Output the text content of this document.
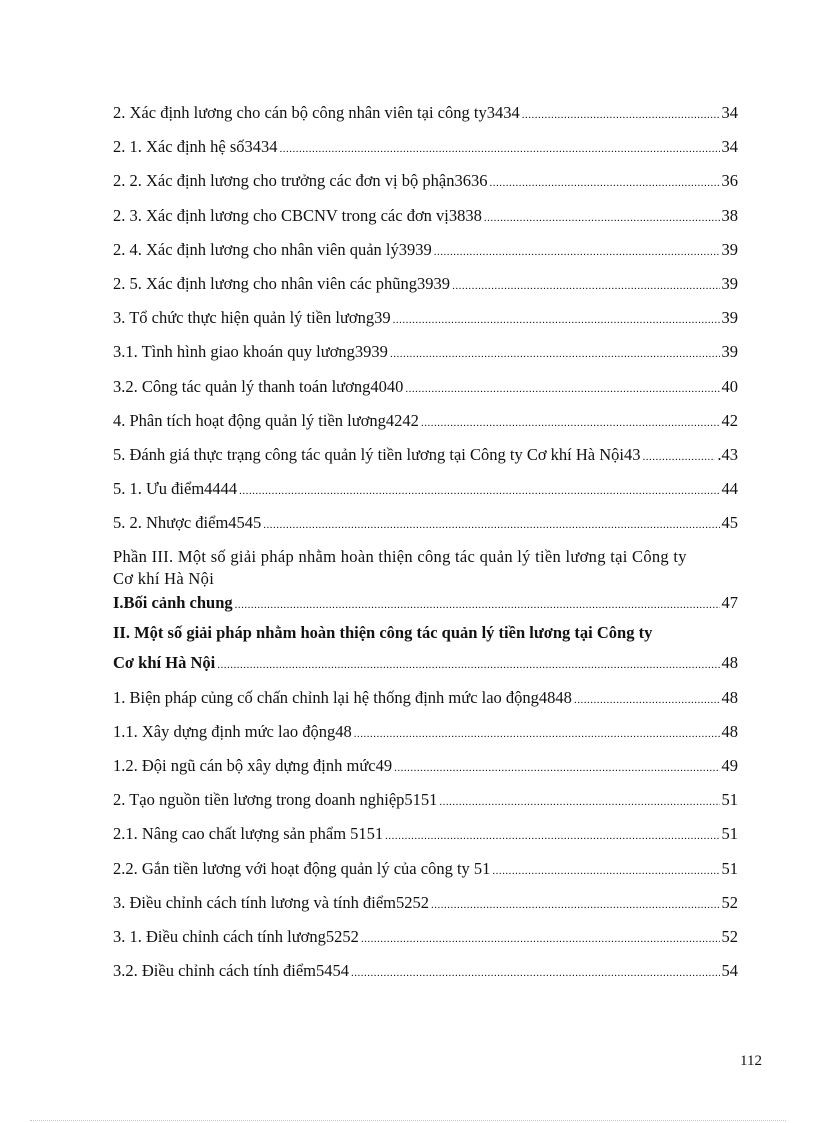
2. Xác định lương cho cán bộ công nhân viên tại công ty3434 .....	34
2. 1. Xác định hệ số3434 .....	34
2. 2. Xác định lương cho trưởng các đơn vị bộ phận3636 .....	36
2. 3. Xác định lương cho CBCNV trong các đơn vị3838 .....	38
2. 4. Xác định lương cho nhân viên quản lý3939 .....	39
2. 5. Xác định lương cho nhân viên các phũng3939 .....	39
3. Tổ chức thực hiện quản lý tiền lương39 .....	39
3.1. Tình hình giao khoán quy lương3939 .....	39
3.2. Công tác quản lý thanh toán lương4040 .....	40
4. Phân tích hoạt động quản lý tiền lương4242 .....	42
5. Đánh giá thực trạng công tác quản lý tiền lương tại Công ty Cơ khí Hà Nội43 .....	.43
5. 1. Ưu điểm4444 .....	44
5. 2. Nhược điểm4545 .....	45
Phần III. Một số giải pháp nhằm hoàn thiện công tác quản lý tiền lương tại Công ty
Cơ khí Hà Nội
I.Bối cảnh chung .....	47
II. Một số giải pháp nhằm hoàn thiện công tác quản lý tiền lương tại Công ty
Cơ khí Hà Nội .....	48
1. Biện pháp củng cố chấn chỉnh lại hệ thống định mức lao động4848 .....	48
1.1. Xây dựng định mức lao động48 .....	48
1.2. Đội ngũ cán bộ xây dựng định mức49 .....	49
2. Tạo nguồn tiền lương trong doanh nghiệp5151 .....	51
2.1. Nâng cao chất lượng sản phẩm 5151 .....	51
2.2. Gắn tiền lương với hoạt động quản lý của công ty 51 .....	51
3. Điều chỉnh cách tính lương và tính điểm5252 .....	52
3. 1. Điều chỉnh cách tính lương5252 .....	52
3.2. Điều chỉnh cách tính điểm5454 .....	54
112
